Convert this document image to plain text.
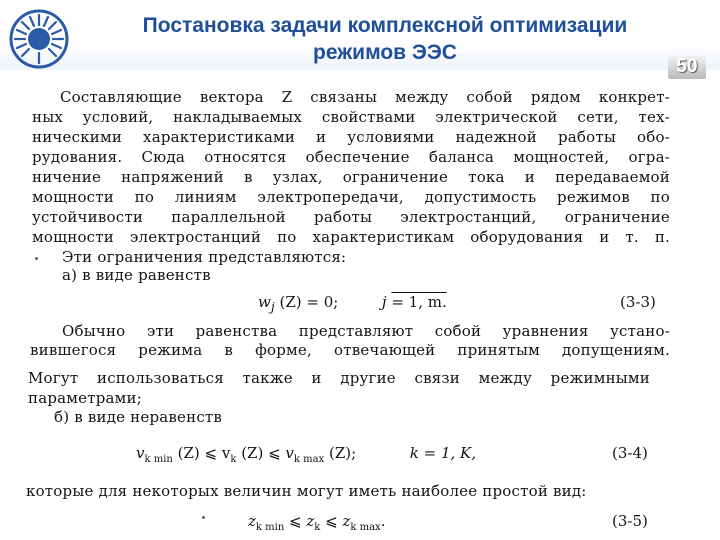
Постановка задачи комплексной оптимизации
режимов ЭЭС
50
Составляющие вектора Z связаны между собой рядом конкрет-
ных условий, накладываемых свойствами электрической сети, тех-
ническими характеристиками и условиями надежной работы обо-
рудования. Сюда относятся обеспечение баланса мощностей, огра-
ничение напряжений в узлах, ограничение тока и передаваемой
мощности по линиям электропередачи, допустимость режимов по
устойчивости параллельной работы электростанций, ограничение
мощности электростанций по характеристикам оборудования и т. п.
Эти ограничения представляются:
а) в виде равенств
$w_j$ (Z) = 0;	j = 1, m.	(3-3)
Обычно эти равенства представляют собой уравнения устано-
вившегося режима в форме, отвечающей принятым допущениям.
Могут использоваться также и другие связи между режимными
параметрами;
б) в виде неравенств
$v_{k min}$ (Z) ⩽ $v_k$ (Z) ⩽ $v_{k max}$ (Z);	k = 1, K,	(3-4)
которые для некоторых величин могут иметь наиболее простой вид:
$z_{k min}$ ⩽ $z_k$ ⩽ $z_{k max}$.	(3-5)
